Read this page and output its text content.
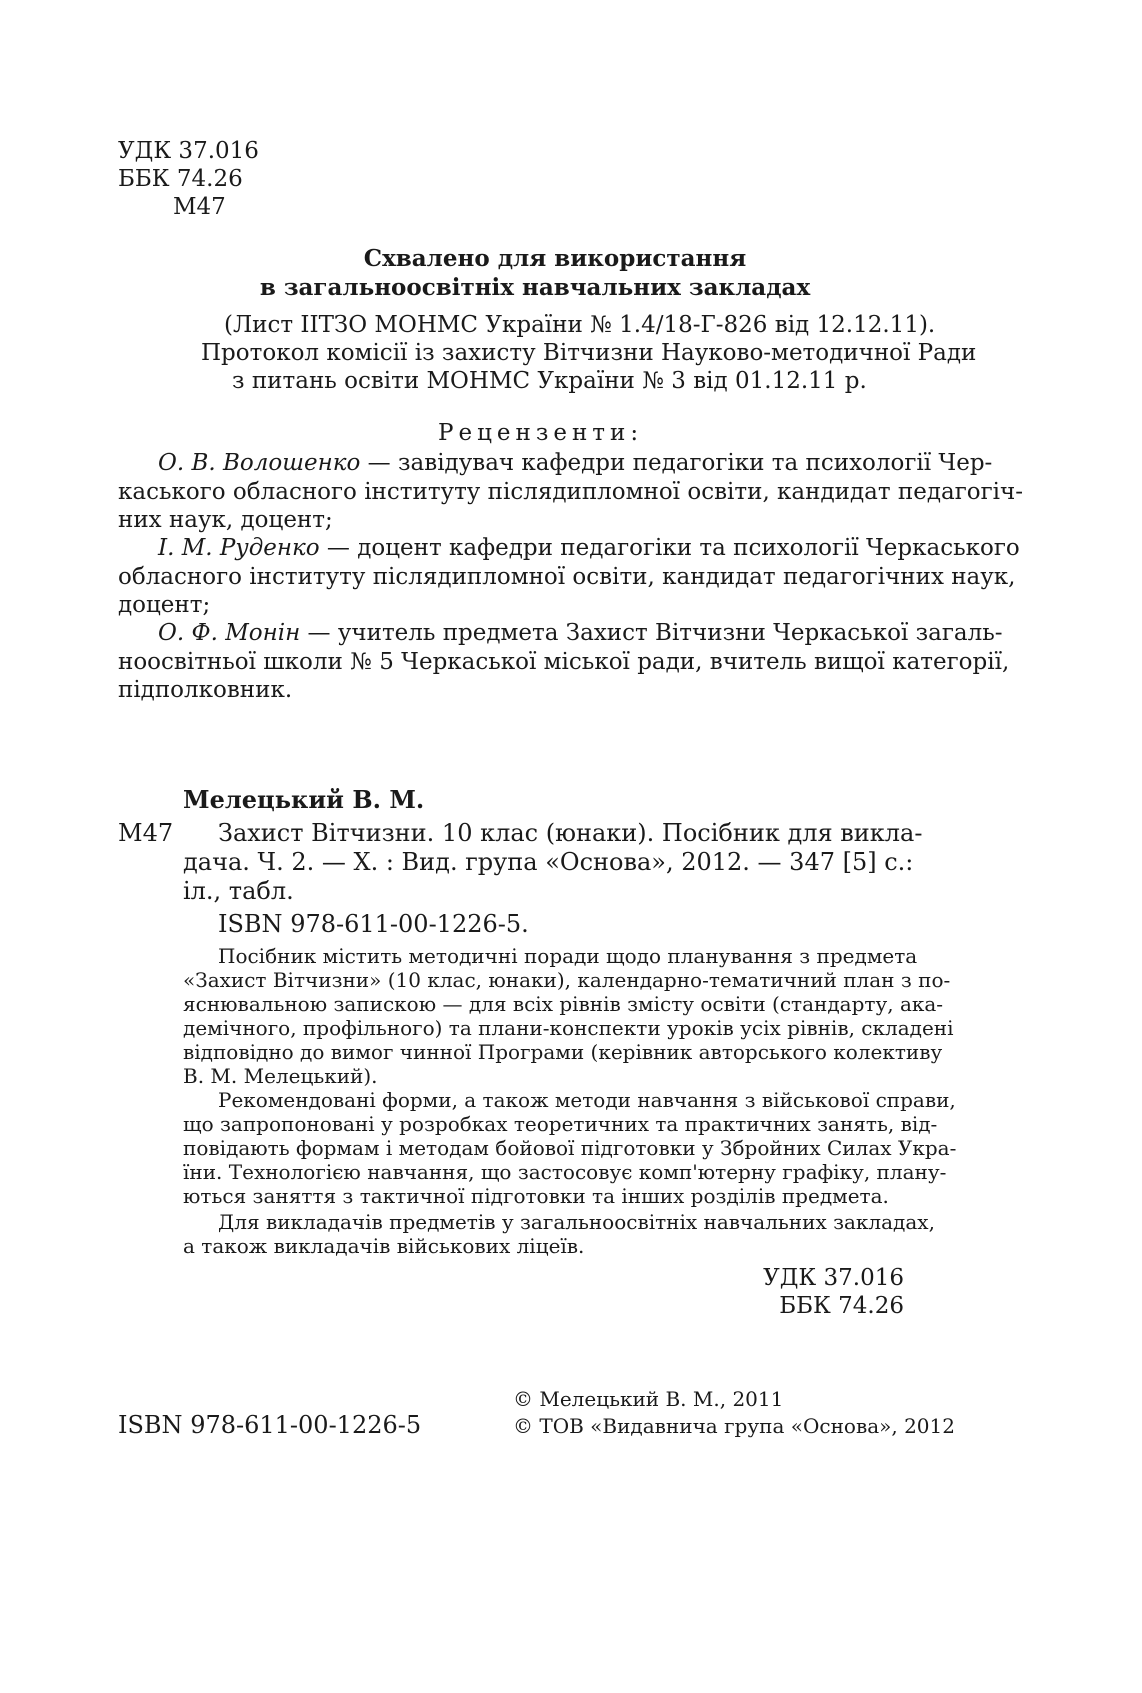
УДК 37.016
ББК 74.26
М47
Схвалено для використання
в загальноосвітніх навчальних закладах
(Лист ІІТЗО МОНМС України № 1.4/18-Г-826 від 12.12.11).
Протокол комісії із захисту Вітчизни Науково-методичної Ради
з питань освіти МОНМС України № 3 від 01.12.11 р.
Рецензенти:
О. В. Волошенко — завідувач кафедри педагогіки та психології Чер-
каського обласного інституту післядипломної освіти, кандидат педагогіч-
них наук, доцент;
І. М. Руденко — доцент кафедри педагогіки та психології Черкаського
обласного інституту післядипломної освіти, кандидат педагогічних наук,
доцент;
О. Ф. Монін — учитель предмета Захист Вітчизни Черкаської загаль-
ноосвітньої школи № 5 Черкаської міської ради, вчитель вищої категорії,
підполковник.
Мелецький В. М.
М47 Захист Вітчизни. 10 клас (юнаки). Посібник для викла-
дача. Ч. 2. — Х. : Вид. група «Основа», 2012. — 347 [5] с.:
іл., табл.
ISBN 978-611-00-1226-5.
Посібник містить методичні поради щодо планування з предмета
«Захист Вітчизни» (10 клас, юнаки), календарно-тематичний план з по-
яснювальною запискою — для всіх рівнів змісту освіти (стандарту, ака-
демічного, профільного) та плани-конспекти уроків усіх рівнів, складені
відповідно до вимог чинної Програми (керівник авторського колективу
В. М. Мелецький).
Рекомендовані форми, а також методи навчання з військової справи,
що запропоновані у розробках теоретичних та практичних занять, від-
повідають формам і методам бойової підготовки у Збройних Силах Укра-
їни. Технологією навчання, що застосовує комп'ютерну графіку, плану-
ються заняття з тактичної підготовки та інших розділів предмета.
Для викладачів предметів у загальноосвітніх навчальних закладах,
а також викладачів військових ліцеїв.
УДК 37.016
ББК 74.26
ISBN 978-611-00-1226-5
© Мелецький В. М., 2011
© ТОВ «Видавнича група «Основа», 2012
